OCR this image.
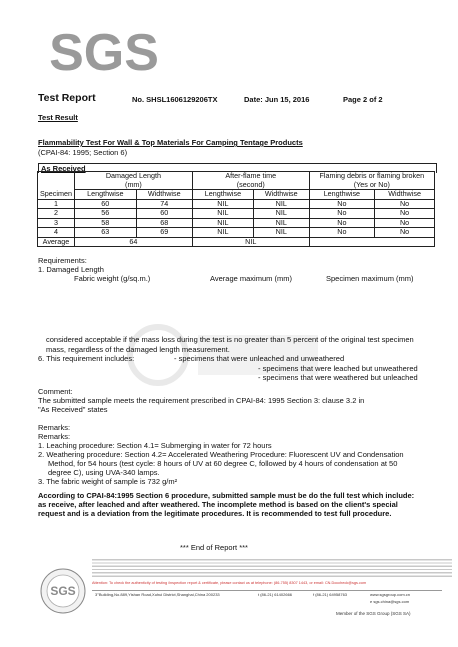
SGS
Test Report	No. SHSL1606129206TX	Date: Jun 15, 2016	Page 2 of 2
Test Result
Flammability Test For Wall & Top Materials For Camping Tentage Products
(CPAI-84: 1995; Section 6)
As Received
	Damaged Length (mm)		After-flame time (second)		Flaming debris or flaming broken (Yes or No)	
Specimen	Lengthwise	Widthwise	Lengthwise	Widthwise	Lengthwise	Widthwise
1	60	74	NIL	NIL	No	No
2	56	60	NIL	NIL	No	No
3	58	68	NIL	NIL	No	No
4	63	69	NIL	NIL	No	No
Average	64		NIL			
Requirements:
1. Damaged Length
Fabric weight (g/sq.m.)	Average maximum (mm)	Specimen maximum (mm)
considered acceptable if the mass loss during the test is no greater than 5 percent of the original test specimen
mass, regardless of the damaged length measurement.
6. This requirement includes:	- specimens that were unleached and unweathered
- specimens that were leached but unweathered
- specimens that were weathered but unleached
Comment:
The submitted sample meets the requirement prescribed in CPAI-84: 1995 Section 3: clause 3.2 in
"As Received" states
Remarks:
Remarks:
1. Leaching procedure: Section 4.1= Submerging in water for 72 hours
2. Weathering procedure: Section 4.2= Accelerated Weathering Procedure: Fluorescent UV and Condensation
Method, for 54 hours (test cycle: 8 hours of UV at 60 degree C, followed by 4 hours of condensation at 50
degree C), using UVA-340 lamps.
3. The fabric weight of sample is 732 g/m²
According to CPAI-84:1995 Section 6 procedure, submitted sample must be do the full test which include:
as receive, after leached and after weathered. The incomplete method is based on the client's special
request and is a deviation from the legitimate procedures. It is recommended to test full procedure.
*** End of Report ***
SGS
Attention: To check the authenticity of testing /inspection report & certificate, please contact us at telephone: (86-755) 8307 1443, or email: CN.Doccheck@sgs.com
3°Building,No.889,Yishan Road,Xuhui District,Shanghai,China 200233	t (86-21) 61402666	f (86-21) 64958763	www.sgsgroup.com.cn
e sgs.china@sgs.com
Member of the SGS Group (SGS SA)
